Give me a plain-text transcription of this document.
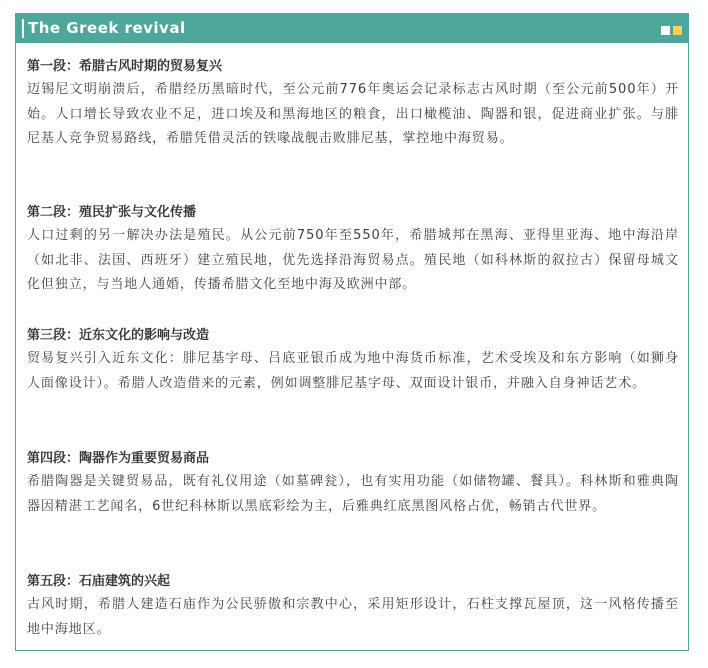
The Greek revival
第一段：希腊古风时期的贸易复兴
迈锡尼文明崩溃后，希腊经历黑暗时代，至公元前776年奥运会记录标志古风时期（至公元前500年）开始。人口增长导致农业不足，进口埃及和黑海地区的粮食，出口橄榄油、陶器和银，促进商业扩张。与腓尼基人竞争贸易路线，希腊凭借灵活的铁喙战舰击败腓尼基，掌控地中海贸易。
第二段：殖民扩张与文化传播
人口过剩的另一解决办法是殖民。从公元前750年至550年，希腊城邦在黑海、亚得里亚海、地中海沿岸（如北非、法国、西班牙）建立殖民地，优先选择沿海贸易点。殖民地（如科林斯的叙拉古）保留母城文化但独立，与当地人通婚，传播希腊文化至地中海及欧洲中部。
第三段：近东文化的影响与改造
贸易复兴引入近东文化：腓尼基字母、吕底亚银币成为地中海货币标准，艺术受埃及和东方影响（如狮身人面像设计）。希腊人改造借来的元素，例如调整腓尼基字母、双面设计银币，并融入自身神话艺术。
第四段：陶器作为重要贸易商品
希腊陶器是关键贸易品，既有礼仪用途（如墓碑瓮），也有实用功能（如储物罐、餐具）。科林斯和雅典陶器因精湛工艺闻名，6世纪科林斯以黑底彩绘为主，后雅典红底黑图风格占优，畅销古代世界。
第五段：石庙建筑的兴起
古风时期，希腊人建造石庙作为公民骄傲和宗教中心，采用矩形设计，石柱支撑瓦屋顶，这一风格传播至地中海地区。
